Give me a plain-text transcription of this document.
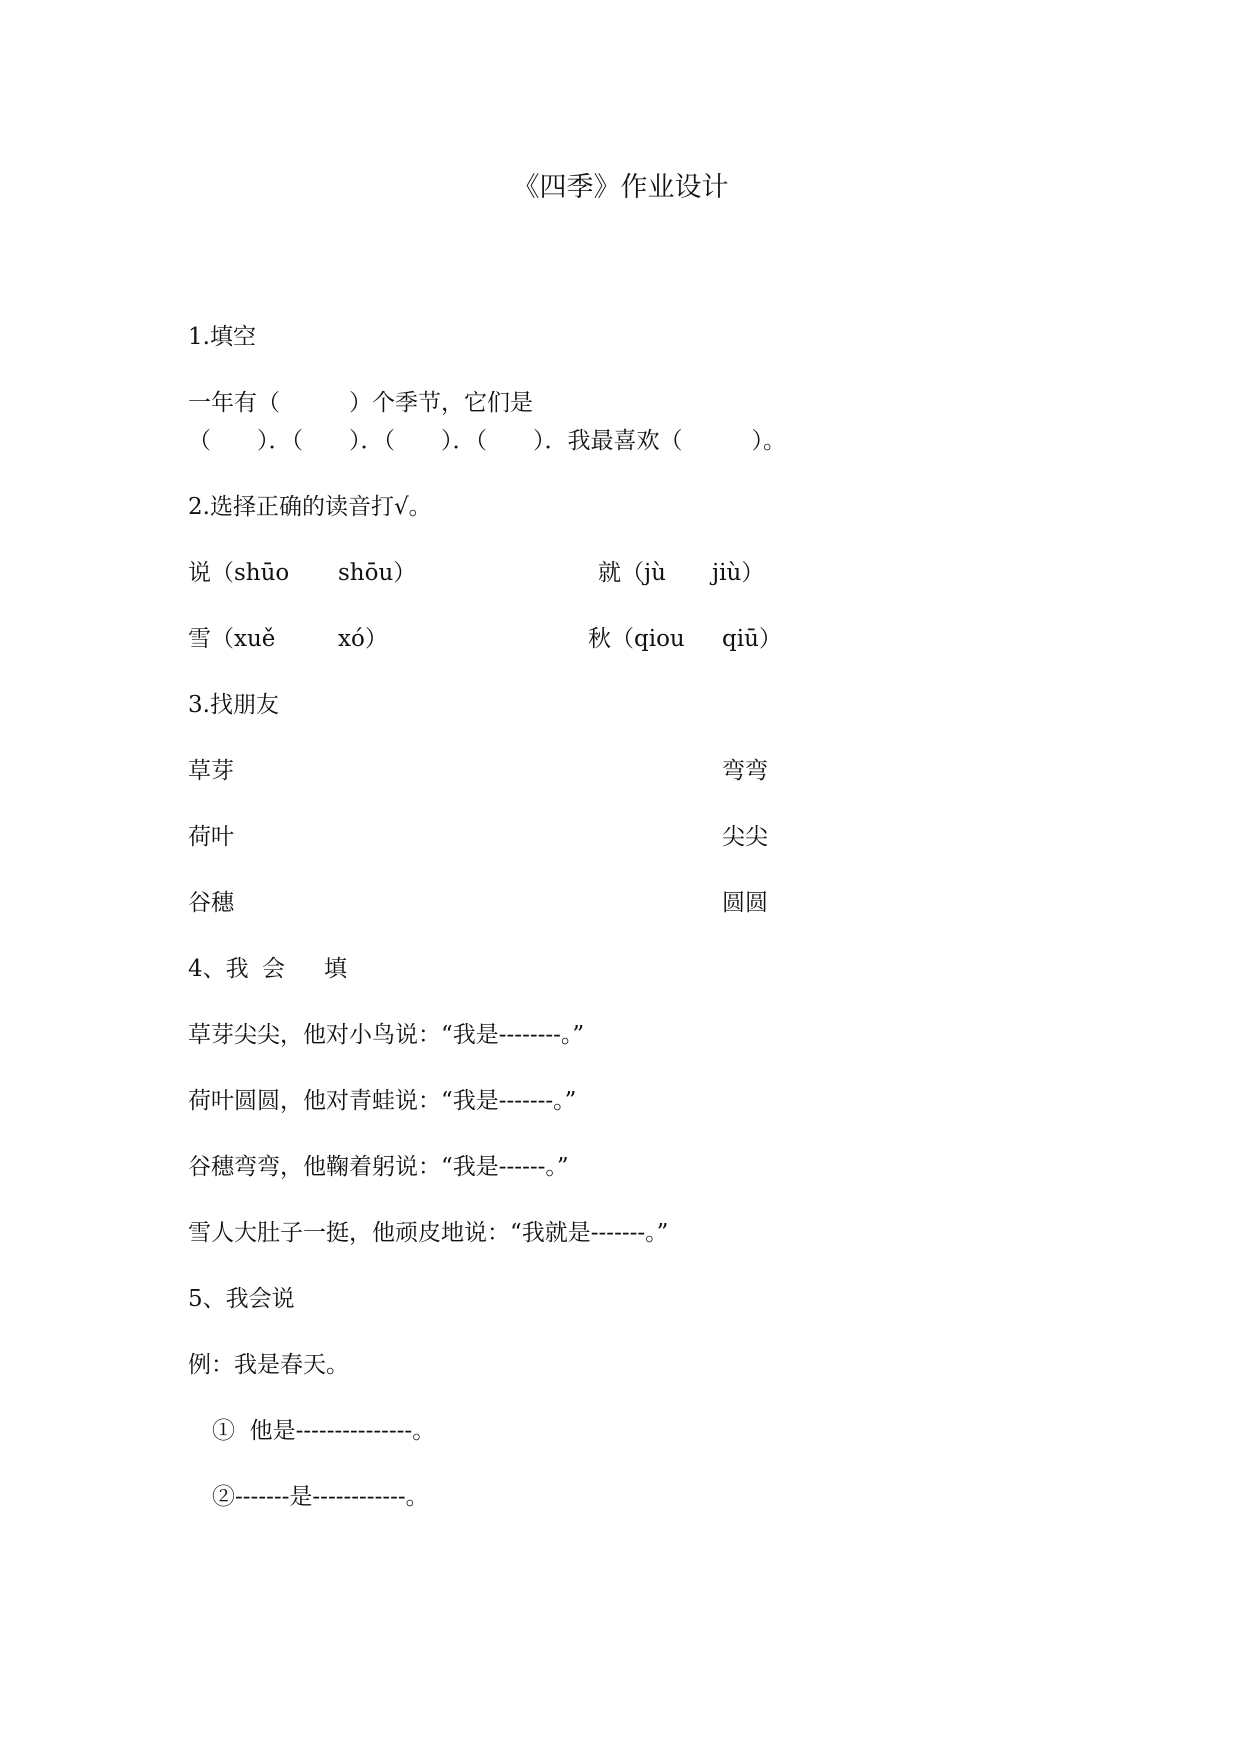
《四季》作业设计
1.填空
一年有（　　　）个季节，它们是
（　　）．（　　）．（　　）．（　　）．我最喜欢（　　　）。
2.选择正确的读音打√。
说（shūo shōu）	就（jù jiù）
雪（xuě	xó）	秋（qiou qiū）
3.找朋友
草芽	弯弯
荷叶	尖尖
谷穗	圆圆
4、我 会 填
草芽尖尖，他对小鸟说：“我是--------。”
荷叶圆圆，他对青蛙说：“我是-------。”
谷穗弯弯，他鞠着躬说：“我是------。”
雪人大肚子一挺，他顽皮地说：“我就是-------。”
5、我会说
例：我是春天。
①  他是---------------。
②-------是------------。
